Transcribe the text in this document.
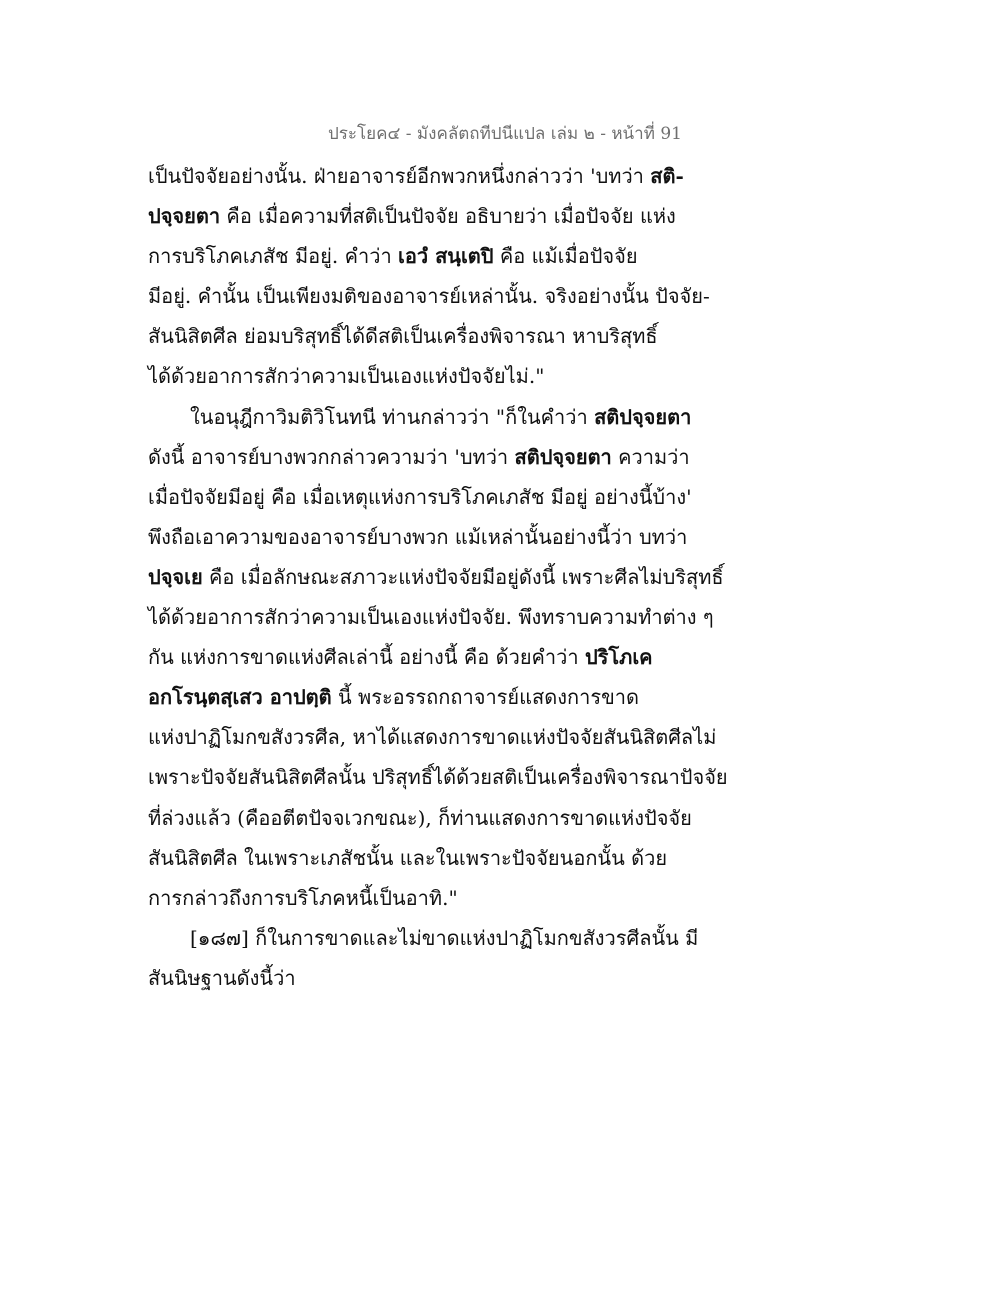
ประโยค๔ - มังคลัตถทีปนีแปล เล่ม ๒ - หน้าที่ 91
เป็นปัจจัยอย่างนั้น. ฝ่ายอาจารย์อีกพวกหนึ่งกล่าวว่า 'บทว่า สติ-
ปจฺจยตา คือ เมื่อความที่สติเป็นปัจจัย อธิบายว่า เมื่อปัจจัย แห่ง
การบริโภคเภสัช มีอยู่. คำว่า เอวํ สนฺเตปิ คือ แม้เมื่อปัจจัย
มีอยู่. คำนั้น เป็นเพียงมติของอาจารย์เหล่านั้น. จริงอย่างนั้น ปัจจัย-
สันนิสิตศีล ย่อมบริสุทธิ์ได้ดีสติเป็นเครื่องพิจารณา หาบริสุทธิ์
ได้ด้วยอาการสักว่าความเป็นเองแห่งปัจจัยไม่."
ในอนุฎีกาวิมติวิโนทนี ท่านกล่าวว่า "ก็ในคำว่า สติปจฺจยตา
ดังนี้ อาจารย์บางพวกกล่าวความว่า 'บทว่า สติปจฺจยตา ความว่า
เมื่อปัจจัยมีอยู่ คือ เมื่อเหตุแห่งการบริโภคเภสัช มีอยู่ อย่างนี้บ้าง'
พึงถือเอาความของอาจารย์บางพวก แม้เหล่านั้นอย่างนี้ว่า บทว่า
ปจฺจเย คือ เมื่อลักษณะสภาวะแห่งปัจจัยมีอยู่ดังนี้ เพราะศีลไม่บริสุทธิ์
ได้ด้วยอาการสักว่าความเป็นเองแห่งปัจจัย. พึงทราบความทำต่าง ๆ
กัน แห่งการขาดแห่งศีลเล่านี้ อย่างนี้ คือ ด้วยคำว่า ปริโภเค
อกโรนฺตสฺเสว อาปตฺติ นี้ พระอรรถกถาจารย์แสดงการขาด
แห่งปาฏิโมกขสังวรศีล, หาได้แสดงการขาดแห่งปัจจัยสันนิสิตศีลไม่
เพราะปัจจัยสันนิสิตศีลนั้น ปริสุทธิ์ได้ด้วยสติเป็นเครื่องพิจารณาปัจจัย
ที่ล่วงแล้ว (คืออตีตปัจจเวกขณะ), ก็ท่านแสดงการขาดแห่งปัจจัย
สันนิสิตศีล ในเพราะเภสัชนั้น และในเพราะปัจจัยนอกนั้น ด้วย
การกล่าวถึงการบริโภคหนี้เป็นอาทิ."
[๑๘๗] ก็ในการขาดและไม่ขาดแห่งปาฏิโมกขสังวรศีลนั้น มี
สันนิษฐานดังนี้ว่า
